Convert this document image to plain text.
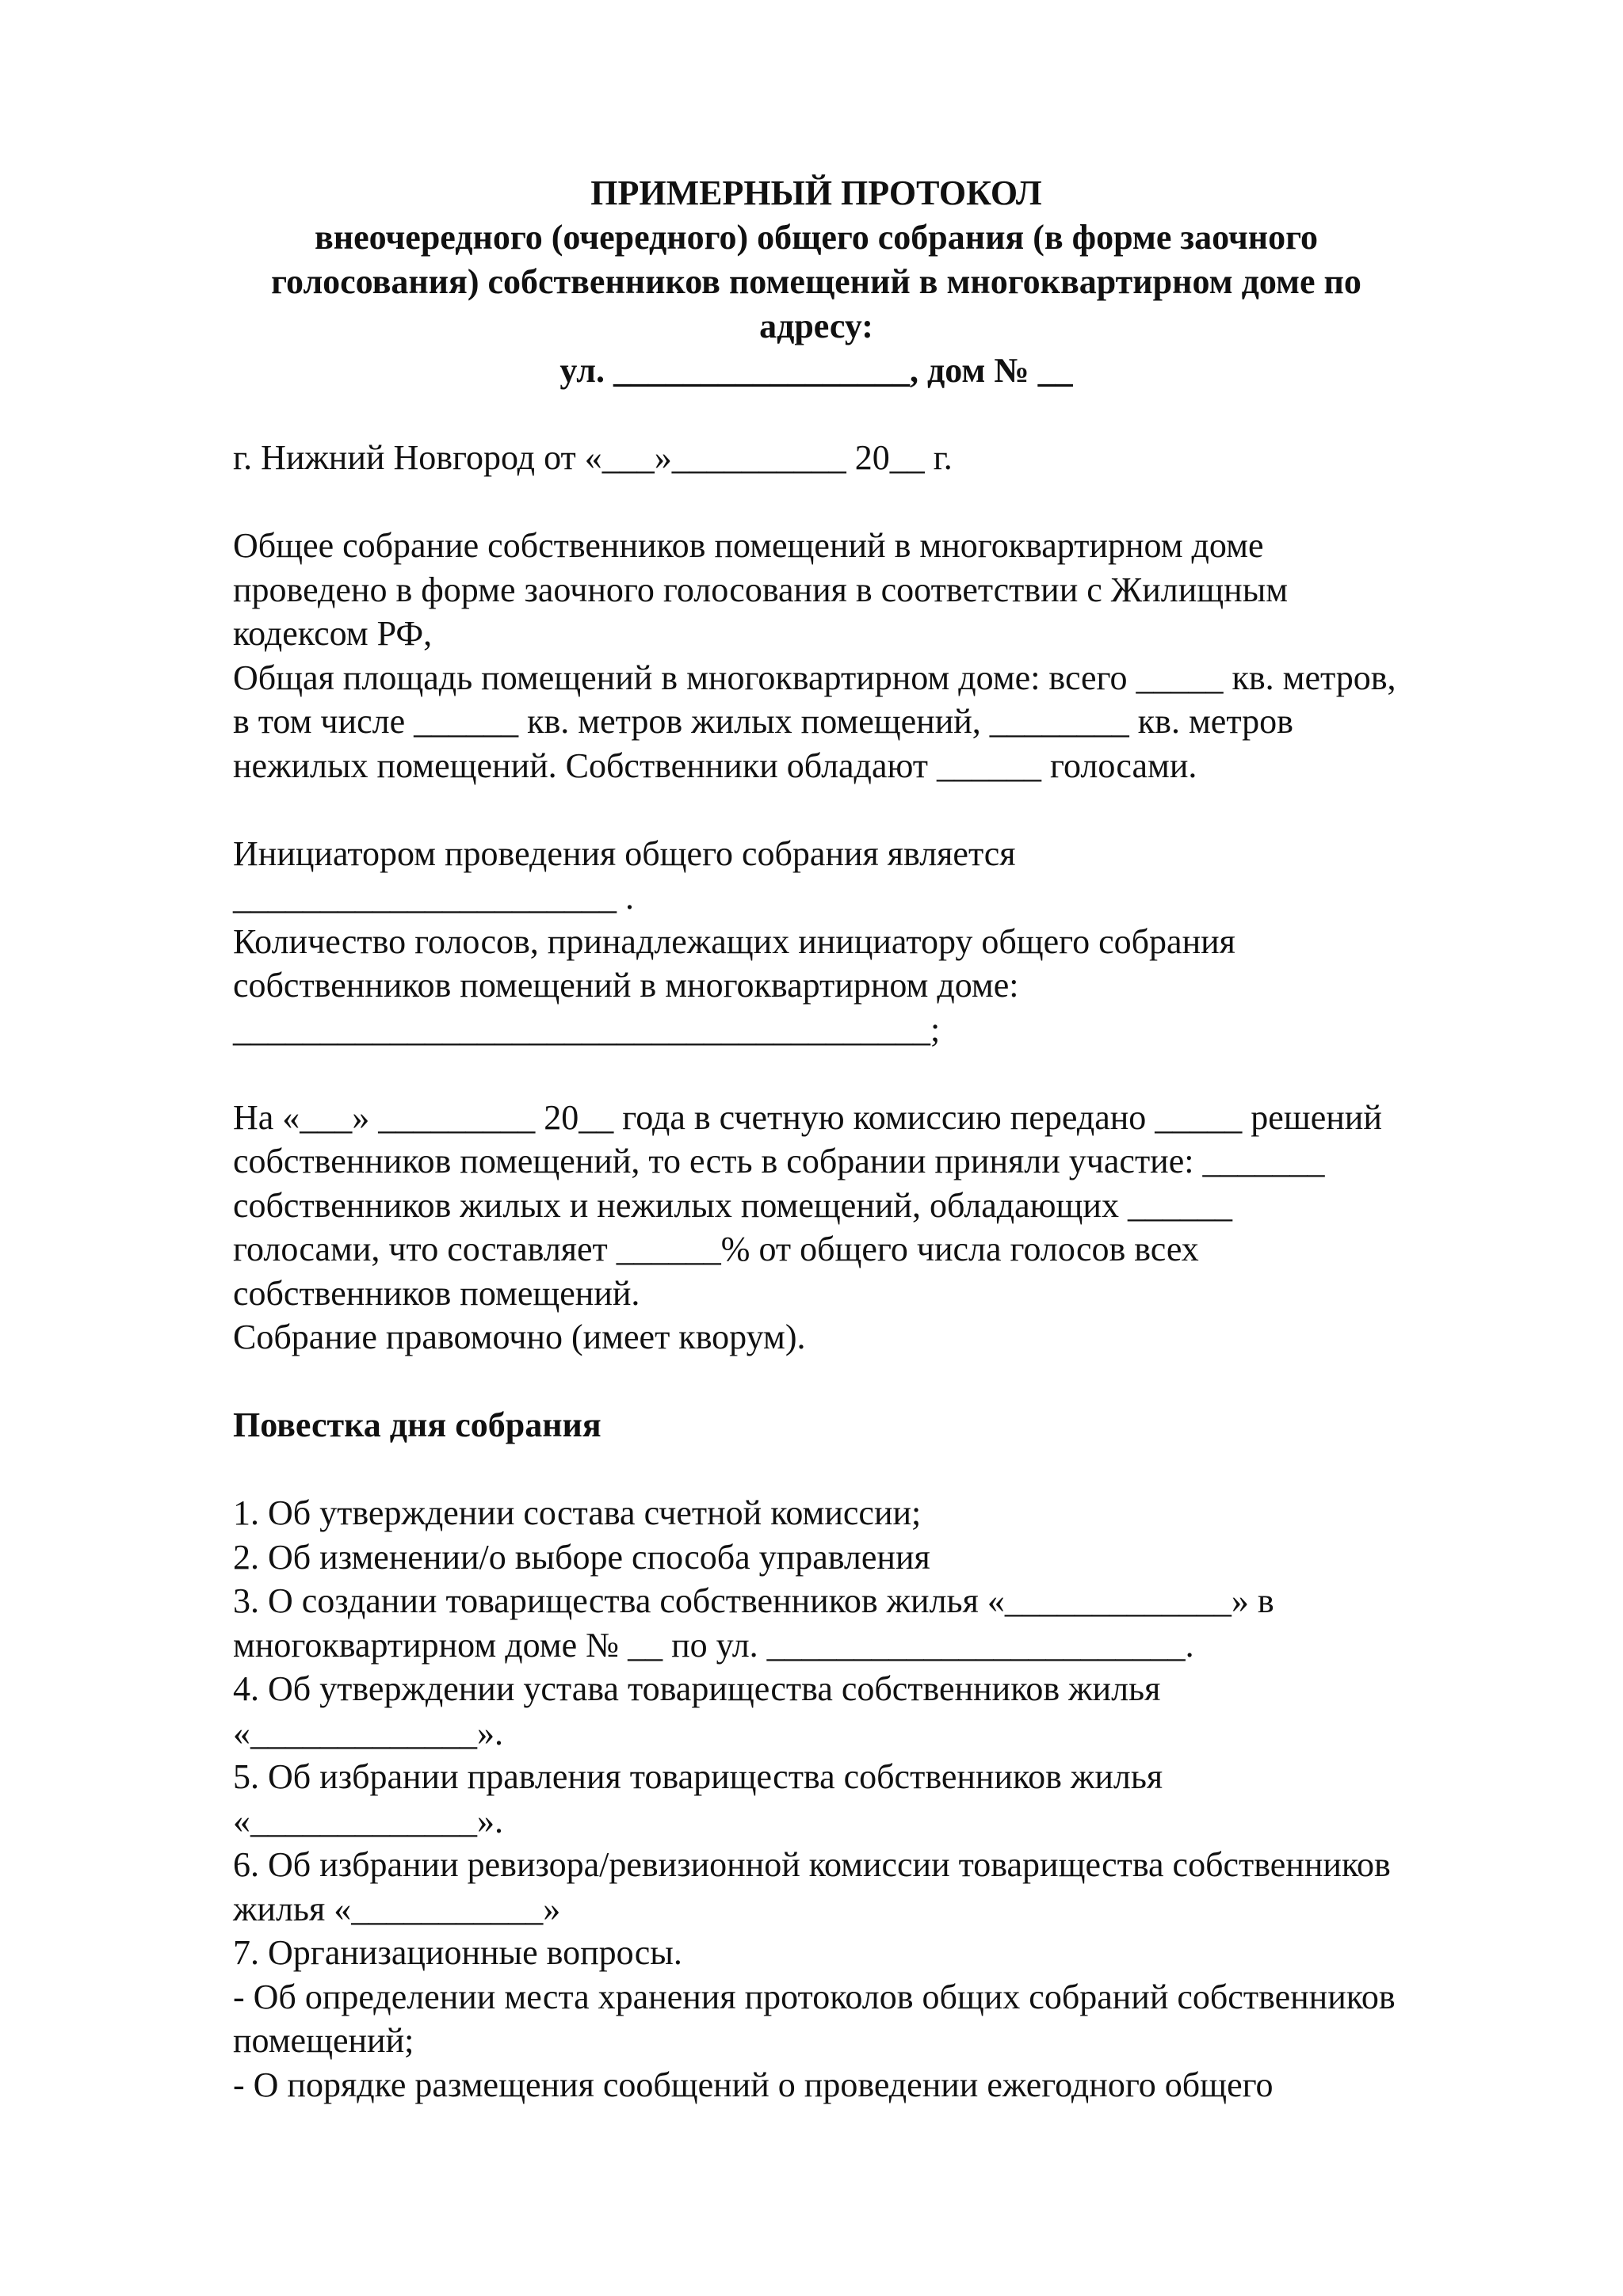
ПРИМЕРНЫЙ ПРОТОКОЛ
внеочередного (очередного) общего собрания (в форме заочного
голосования) собственников помещений в многоквартирном доме по
адресу:
ул. _________________, дом № __
г. Нижний Новгород от «___»__________ 20__ г.
Общее собрание собственников помещений в многоквартирном доме
проведено в форме заочного голосования в соответствии с Жилищным
кодексом РФ,
Общая площадь помещений в многоквартирном доме: всего _____ кв. метров,
в том числе ______ кв. метров жилых помещений, ________ кв. метров
нежилых помещений. Собственники обладают ______ голосами.
Инициатором проведения общего собрания является
______________________ .
Количество голосов, принадлежащих инициатору общего собрания
собственников помещений в многоквартирном доме:
________________________________________;
На «___» _________ 20__ года в счетную комиссию передано _____ решений
собственников помещений, то есть в собрании приняли участие: _______
собственников жилых и нежилых помещений, обладающих ______
голосами, что составляет ______% от общего числа голосов всех
собственников помещений.
Собрание правомочно (имеет кворум).
Повестка дня собрания
1. Об утверждении состава счетной комиссии;
2. Об изменении/о выборе способа управления
3. О создании товарищества собственников жилья «_____________» в
многоквартирном доме № __ по ул. ________________________.
4. Об утверждении устава товарищества собственников жилья
«_____________».
5. Об избрании правления товарищества собственников жилья
«_____________».
6. Об избрании ревизора/ревизионной комиссии товарищества собственников
жилья «___________»
7. Организационные вопросы.
- Об определении места хранения протоколов общих собраний собственников
помещений;
- О порядке размещения сообщений о проведении ежегодного общего
